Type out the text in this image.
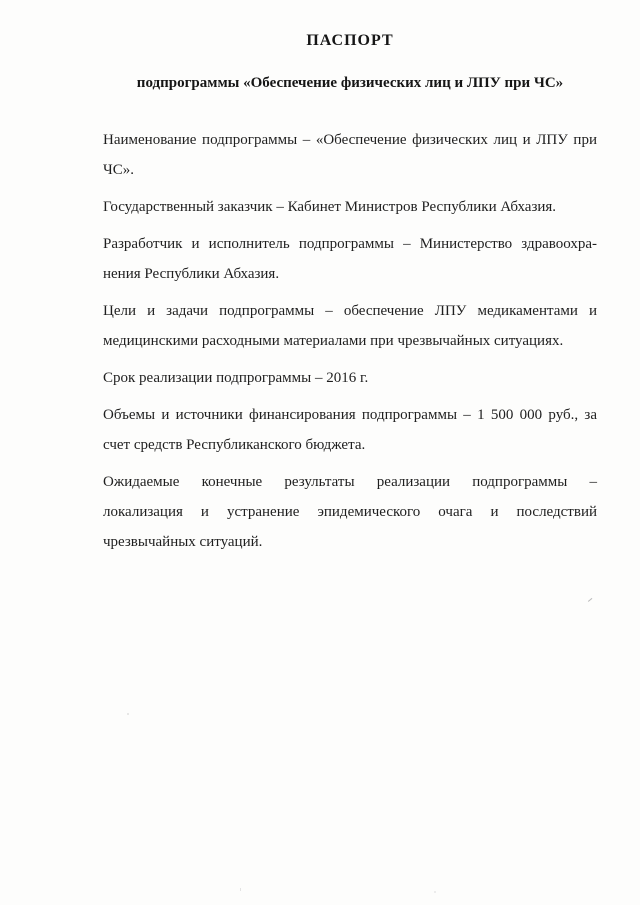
ПАСПОРТ
подпрограммы «Обеспечение физических лиц и ЛПУ при ЧС»
Наименование подпрограммы – «Обеспечение физических лиц и ЛПУ при
ЧС».
Государственный заказчик – Кабинет Министров Республики Абхазия.
Разработчик и исполнитель подпрограммы – Министерство здравоохра-
нения Республики Абхазия.
Цели и задачи подпрограммы – обеспечение ЛПУ медикаментами и
медицинскими расходными материалами при чрезвычайных ситуациях.
Срок реализации подпрограммы – 2016 г.
Объемы и источники финансирования подпрограммы – 1 500 000 руб., за
счет средств Республиканского бюджета.
Ожидаемые конечные результаты реализации подпрограммы –
локализация и устранение эпидемического очага и последствий
чрезвычайных ситуаций.
